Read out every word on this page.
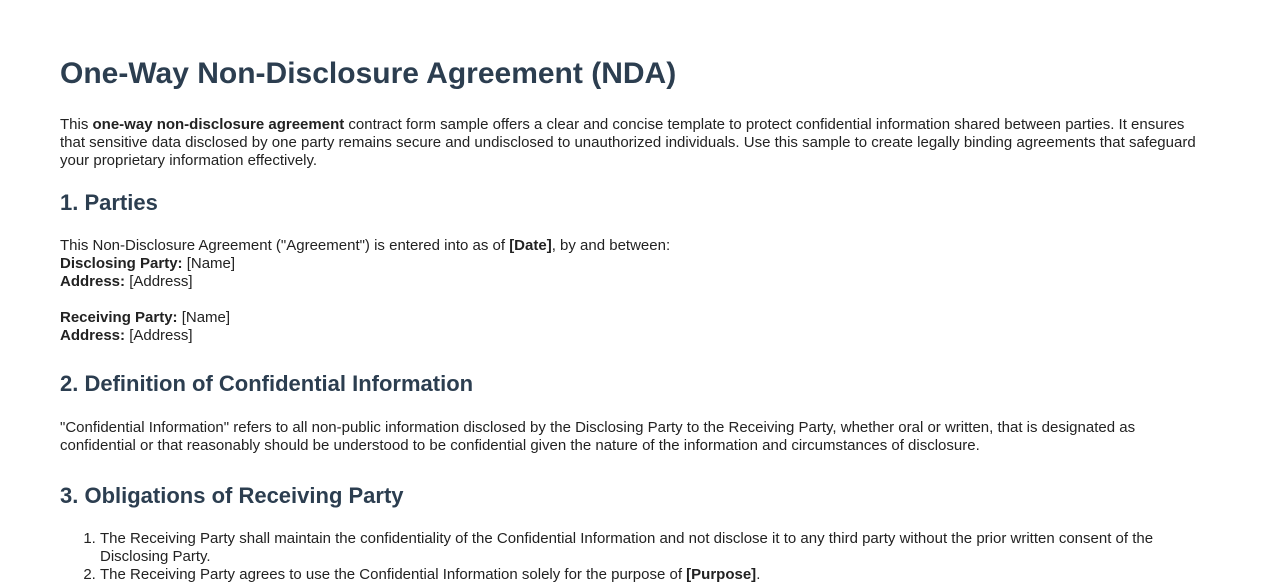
One-Way Non-Disclosure Agreement (NDA)

This one-way non-disclosure agreement contract form sample offers a clear and concise template to protect confidential information shared between parties. It ensures that sensitive data disclosed by one party remains secure and undisclosed to unauthorized individuals. Use this sample to create legally binding agreements that safeguard your proprietary information effectively.

1. Parties
This Non-Disclosure Agreement ("Agreement") is entered into as of [Date], by and between:
Disclosing Party: [Name]
Address: [Address]
Receiving Party: [Name]
Address: [Address]
2. Definition of Confidential Information

"Confidential Information" refers to all non-public information disclosed by the Disclosing Party to the Receiving Party, whether oral or written, that is designated as confidential or that reasonably should be understood to be confidential given the nature of the information and circumstances of disclosure.

3. Obligations of Receiving Party
1. The Receiving Party shall maintain the confidentiality of the Confidential Information and not disclose it to any third party without the prior written consent of the Disclosing Party.
2. The Receiving Party agrees to use the Confidential Information solely for the purpose of [Purpose].
